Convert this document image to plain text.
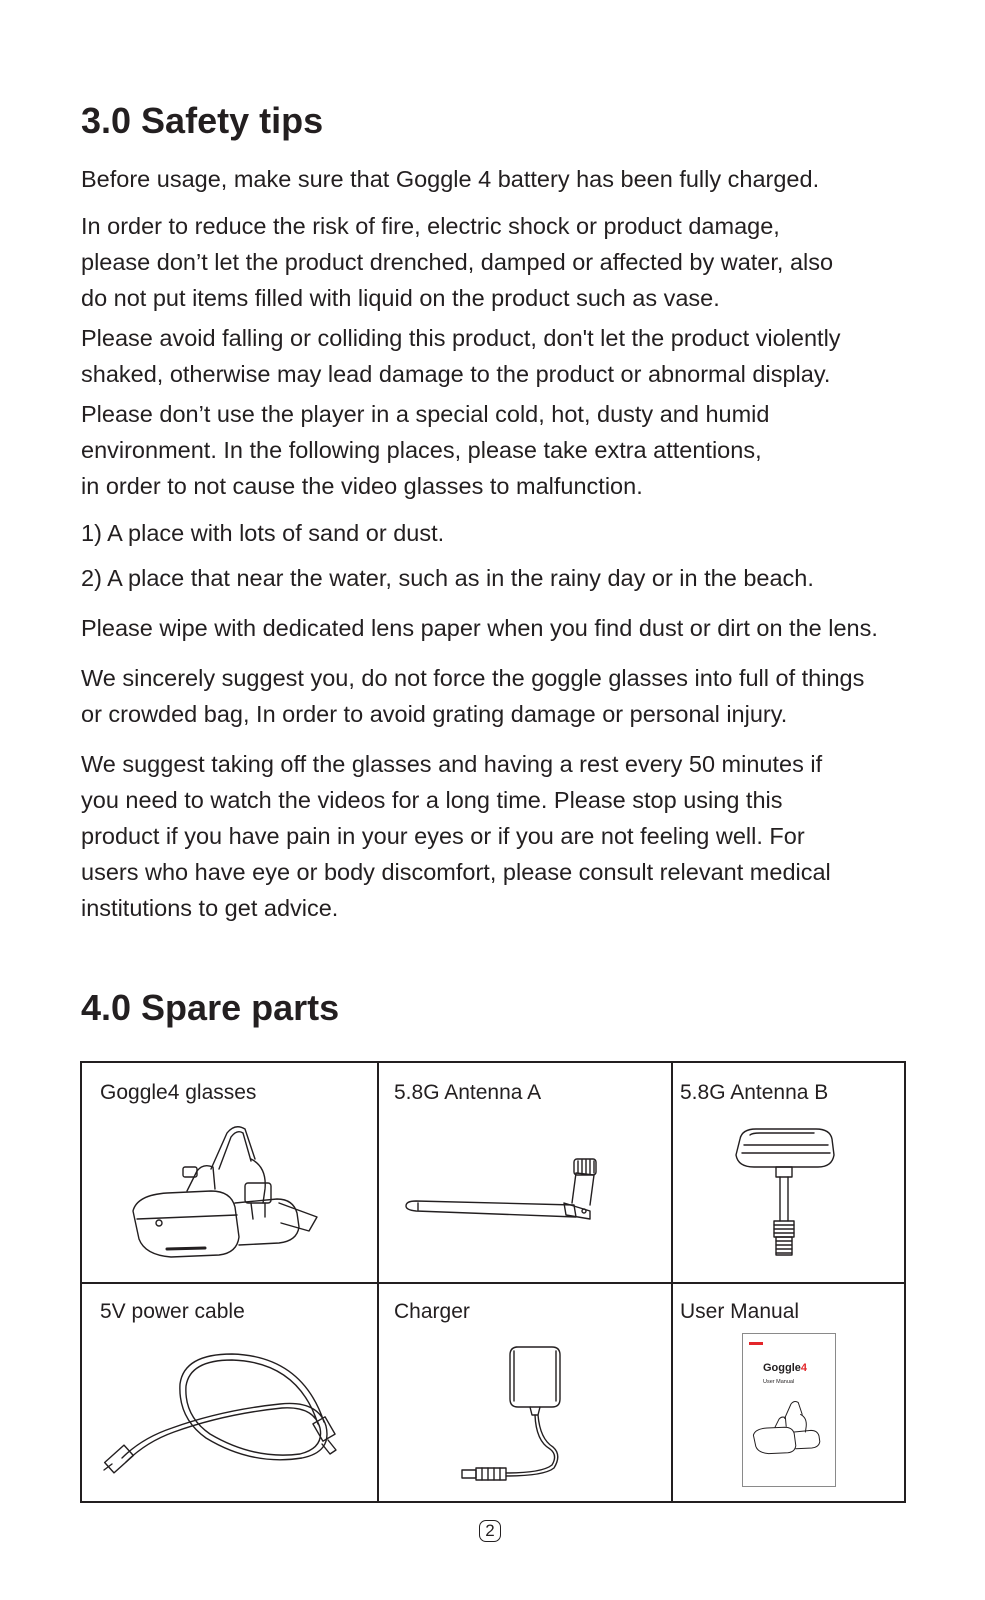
3.0 Safety tips

Before usage, make sure that Goggle 4 battery has been fully charged.

In order to reduce the risk of fire, electric shock or product damage,

please don’t let the product drenched, damped or affected by water, also

do not put items filled with liquid on the product such as vase.

Please avoid falling or colliding this product, don't let the product violently

shaked, otherwise may lead damage to the product or abnormal display.

Please don’t use the player in a special cold, hot, dusty and humid

environment. In the following places, please take extra attentions,

in order to not cause the video glasses to malfunction.

1) A place with lots of sand or dust.

2) A place that near the water, such as in the rainy day or in the beach.

Please wipe with dedicated lens paper when you find dust or dirt on the lens.

We sincerely suggest you, do not force the goggle glasses into full of things

or crowded bag, In order to avoid grating damage or personal injury.

We suggest taking off the glasses and having a rest every 50 minutes if

you need to watch the videos for a long time. Please stop using this

product if you have pain in your eyes or if you are not feeling well. For

users who have eye or body discomfort, please consult relevant medical

institutions to get advice.

4.0 Spare parts
Goggle4 glasses	5.8G Antenna A	5.8G Antenna B
5V power cable	Charger	User Manual
Goggle4
User Manual
2
